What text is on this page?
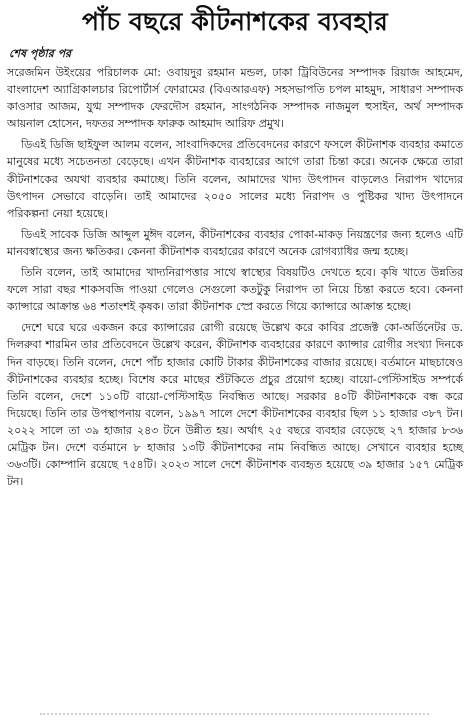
পাঁচ বছরে কীটনাশকের ব্যবহার
শেষ পৃষ্ঠার পর

সরেজমিন উইংয়ের পরিচালক মো: ওবায়দুর রহমান মন্ডল, ঢাকা ট্রিবিউনের সম্পাদক রিয়াজ আহমেদ, বাংলাদেশ অ্যাগ্রিকালচার রিপোর্টার্স ফোরামের (বিএআরএফ) সহসভাপতি চপল মাহমুদ, সাধারণ সম্পাদক কাওসার আজম, যুগ্ম সম্পাদক ফেরদৌস রহমান, সাংগঠনিক সম্পাদক নাজমুল হুসাইন, অর্থ সম্পাদক আয়নাল হোসেন, দফতর সম্পাদক ফারুক আহমাদ আরিফ প্রমুখ।

ডিএই ডিজি ছাইফুল আলম বলেন, সাংবাদিকদের প্রতিবেদনের কারণে ফসলে কীটনাশক ব্যবহার কমাতে মানুষের মধ্যে সচেতনতা বেড়েছে। এখন কীটনাশক ব্যবহারের আগে তারা চিন্তা করে। অনেক ক্ষেত্রে তারা কীটনাশকের অযথা ব্যবহার কমাচ্ছে। তিনি বলেন, আমাদের খাদ্য উৎপাদন বাড়লেও নিরাপদ খাদ্যের উৎপাদন সেভাবে বাড়েনি। তাই আমাদের ২০৫০ সালের মধ্যে নিরাপদ ও পুষ্টিকর খাদ্য উৎপাদনে পরিকল্পনা নেয়া হয়েছে।

ডিএই সাবেক ডিজি আব্দুল মুঈদ বলেন, কীটনাশকের ব্যবহার পোকা-মাকড় নিয়ন্ত্রণের জন্য হলেও এটি মানবস্বাস্থ্যের জন্য ক্ষতিকর। কেননা কীটনাশক ব্যবহারের কারণে অনেক রোগব্যাধির জন্ম হচ্ছে।

তিনি বলেন, তাই আমাদের খাদ্যনিরাপত্তার সাথে স্বাস্থ্যের বিষয়টিও দেখতে হবে। কৃষি খাতে উন্নতির ফলে সারা বছর শাকসবজি পাওয়া গেলেও সেগুলো কতটুকু নিরাপদ তা নিয়ে চিন্তা করতে হবে। কেননা ক্যান্সারে আক্রান্ত ৬৪ শতাংশই কৃষক। তারা কীটনাশক স্প্রে করতে গিয়ে ক্যান্সারে আক্রান্ত হচ্ছে।

দেশে ঘরে ঘরে একজন করে ক্যান্সারের রোগী রয়েছে উল্লেখ করে কাবির প্রজেক্ট কো-অর্ডিনেটর ড. দিলরুবা শারমিন তার প্রতিবেদনে উল্লেখ করেন, কীটনাশক ব্যবহারের কারণে ক্যান্সার রোগীর সংখ্যা দিনকে দিন বাড়ছে। তিনি বলেন, দেশে পাঁচ হাজার কোটি টাকার কীটনাশকের বাজার রয়েছে। বর্তমানে মাছচাষেও কীটনাশকের ব্যবহার হচ্ছে। বিশেষ করে মাছের শুঁটকিতে প্রচুর প্রয়োগ হচ্ছে। বায়ো-পেস্টিসাইড সম্পর্কে তিনি বলেন, দেশে ১১০টি বায়ো-পেস্টিসাইড নিবন্ধিত আছে। সরকার ৪০টি কীটনাশককে বন্ধ করে দিয়েছে। তিনি তার উপস্থাপনায় বলেন, ১৯৯৭ সালে দেশে কীটনাশকের ব্যবহার ছিল ১১ হাজার ৩৮৭ টন। ২০২২ সালে তা ৩৯ হাজার ২৪৩ টনে উন্নীত হয়। অর্থাৎ ২৫ বছরে ব্যবহার বেড়েছে ২৭ হাজার ৮৩৬ মেট্রিক টন। দেশে বর্তমানে ৮ হাজার ১৩টি কীটনাশকের নাম নিবন্ধিত আছে। সেখানে ব্যবহার হচ্ছে ৩৬৩টি। কোম্পানি রয়েছে ৭৫৪টি। ২০২৩ সালে দেশে কীটনাশক ব্যবহৃত হয়েছে ৩৯ হাজার ১৫৭ মেট্রিক টন।
